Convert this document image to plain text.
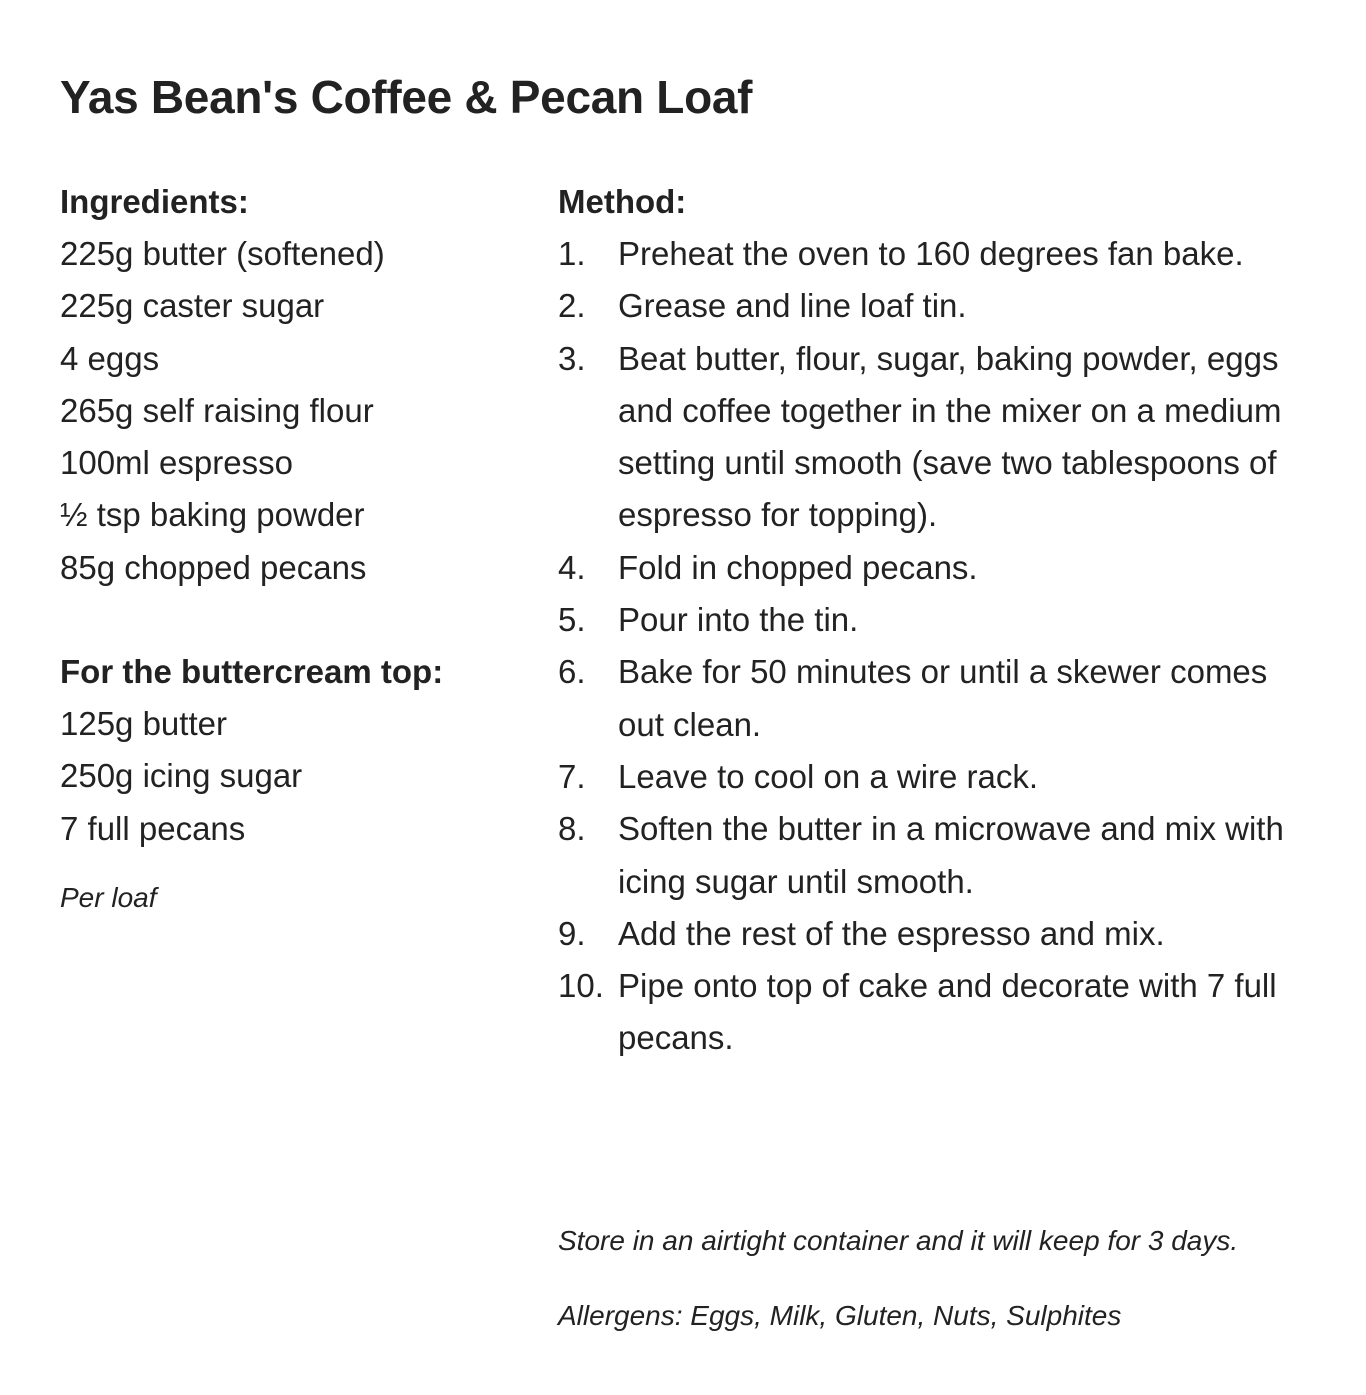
Yas Bean's Coffee & Pecan Loaf
Ingredients:
225g butter (softened)
225g caster sugar
4 eggs
265g self raising flour
100ml espresso
½ tsp baking powder
85g chopped pecans
For the buttercream top:
125g butter
250g icing sugar
7 full pecans
Per loaf
Method:
1. Preheat the oven to 160 degrees fan bake.
2. Grease and line loaf tin.
3. Beat butter, flour, sugar, baking powder, eggs and coffee together in the mixer on a medium setting until smooth (save two tablespoons of espresso for topping).
4. Fold in chopped pecans.
5. Pour into the tin.
6. Bake for 50 minutes or until a skewer comes out clean.
7. Leave to cool on a wire rack.
8. Soften the butter in a microwave and mix with icing sugar until smooth.
9. Add the rest of the espresso and mix.
10. Pipe onto top of cake and decorate with 7 full pecans.
Store in an airtight container and it will keep for 3 days.
Allergens: Eggs, Milk, Gluten, Nuts, Sulphites
